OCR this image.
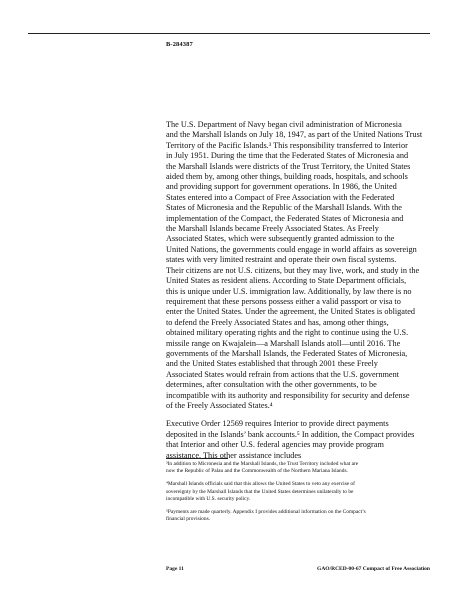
B-284387

The U.S. Department of Navy began civil administration of Micronesia
and the Marshall Islands on July 18, 1947, as part of the United Nations Trust
Territory of the Pacific Islands.³ This responsibility transferred to Interior
in July 1951. During the time that the Federated States of Micronesia and
the Marshall Islands were districts of the Trust Territory, the United States
aided them by, among other things, building roads, hospitals, and schools
and providing support for government operations. In 1986, the United
States entered into a Compact of Free Association with the Federated
States of Micronesia and the Republic of the Marshall Islands. With the
implementation of the Compact, the Federated States of Micronesia and
the Marshall Islands became Freely Associated States. As Freely
Associated States, which were subsequently granted admission to the
United Nations, the governments could engage in world affairs as sovereign
states with very limited restraint and operate their own fiscal systems.
Their citizens are not U.S. citizens, but they may live, work, and study in the
United States as resident aliens. According to State Department officials,
this is unique under U.S. immigration law. Additionally, by law there is no
requirement that these persons possess either a valid passport or visa to
enter the United States. Under the agreement, the United States is obligated
to defend the Freely Associated States and has, among other things,
obtained military operating rights and the right to continue using the U.S.
missile range on Kwajalein—a Marshall Islands atoll—until 2016. The
governments of the Marshall Islands, the Federated States of Micronesia,
and the United States established that through 2001 these Freely
Associated States would refrain from actions that the U.S. government
determines, after consultation with the other governments, to be
incompatible with its authority and responsibility for security and defense
of the Freely Associated States.⁴

Executive Order 12569 requires Interior to provide direct payments
deposited in the Islands’ bank accounts.⁵ In addition, the Compact provides
that Interior and other U.S. federal agencies may provide program
assistance. This other assistance includes

³In addition to Micronesia and the Marshall Islands, the Trust Territory included what are
now the Republic of Palau and the Commonwealth of the Northern Mariana Islands.
⁴Marshall Islands officials said that this allows the United States to veto any exercise of
sovereignty by the Marshall Islands that the United States determines unilaterally to be
incompatible with U.S. security policy.
⁵Payments are made quarterly. Appendix I provides additional information on the Compact’s
financial provisions.
Page 11	GAO/RCED-00-67 Compact of Free Association
